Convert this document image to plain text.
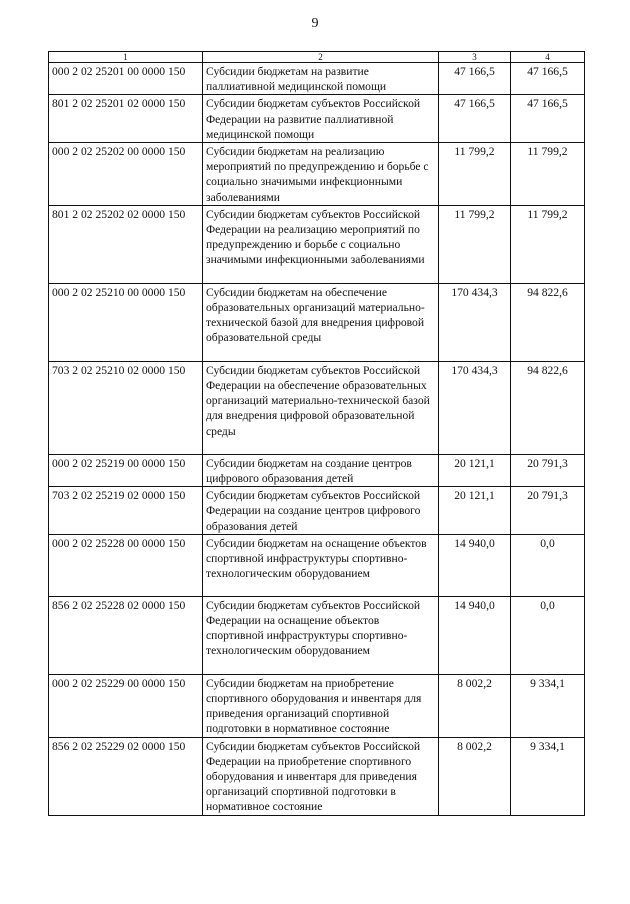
9
1	2	3	4
000 2 02 25201 00 0000 150	Субсидии бюджетам на развитие паллиативной медицинской помощи	47 166,5	47 166,5
801 2 02 25201 02 0000 150	Субсидии бюджетам субъектов Российской Федерации на развитие паллиативной медицинской помощи	47 166,5	47 166,5
000 2 02 25202 00 0000 150	Субсидии бюджетам на реализацию мероприятий по предупреждению и борьбе с социально значимыми инфекционными заболеваниями	11 799,2	11 799,2
801 2 02 25202 02 0000 150	Субсидии бюджетам субъектов Российской Федерации на реализацию мероприятий по предупреждению и борьбе с социально значимыми инфекционными заболеваниями	11 799,2	11 799,2
000 2 02 25210 00 0000 150	Субсидии бюджетам на обеспечение образовательных организаций материально-технической базой для внедрения цифровой образовательной среды	170 434,3	94 822,6
703 2 02 25210 02 0000 150	Субсидии бюджетам субъектов Российской Федерации на обеспечение образовательных организаций материально-технической базой для внедрения цифровой образовательной среды	170 434,3	94 822,6
000 2 02 25219 00 0000 150	Субсидии бюджетам на создание центров цифрового образования детей	20 121,1	20 791,3
703 2 02 25219 02 0000 150	Субсидии бюджетам субъектов Российской Федерации на создание центров цифрового образования детей	20 121,1	20 791,3
000 2 02 25228 00 0000 150	Субсидии бюджетам на оснащение объектов спортивной инфраструктуры спортивно-технологическим оборудованием	14 940,0	0,0
856 2 02 25228 02 0000 150	Субсидии бюджетам субъектов Российской Федерации на оснащение объектов спортивной инфраструктуры спортивно-технологическим оборудованием	14 940,0	0,0
000 2 02 25229 00 0000 150	Субсидии бюджетам на приобретение спортивного оборудования и инвентаря для приведения организаций спортивной подготовки в нормативное состояние	8 002,2	9 334,1
856 2 02 25229 02 0000 150	Субсидии бюджетам субъектов Российской Федерации на приобретение спортивного оборудования и инвентаря для приведения организаций спортивной подготовки в нормативное состояние	8 002,2	9 334,1
